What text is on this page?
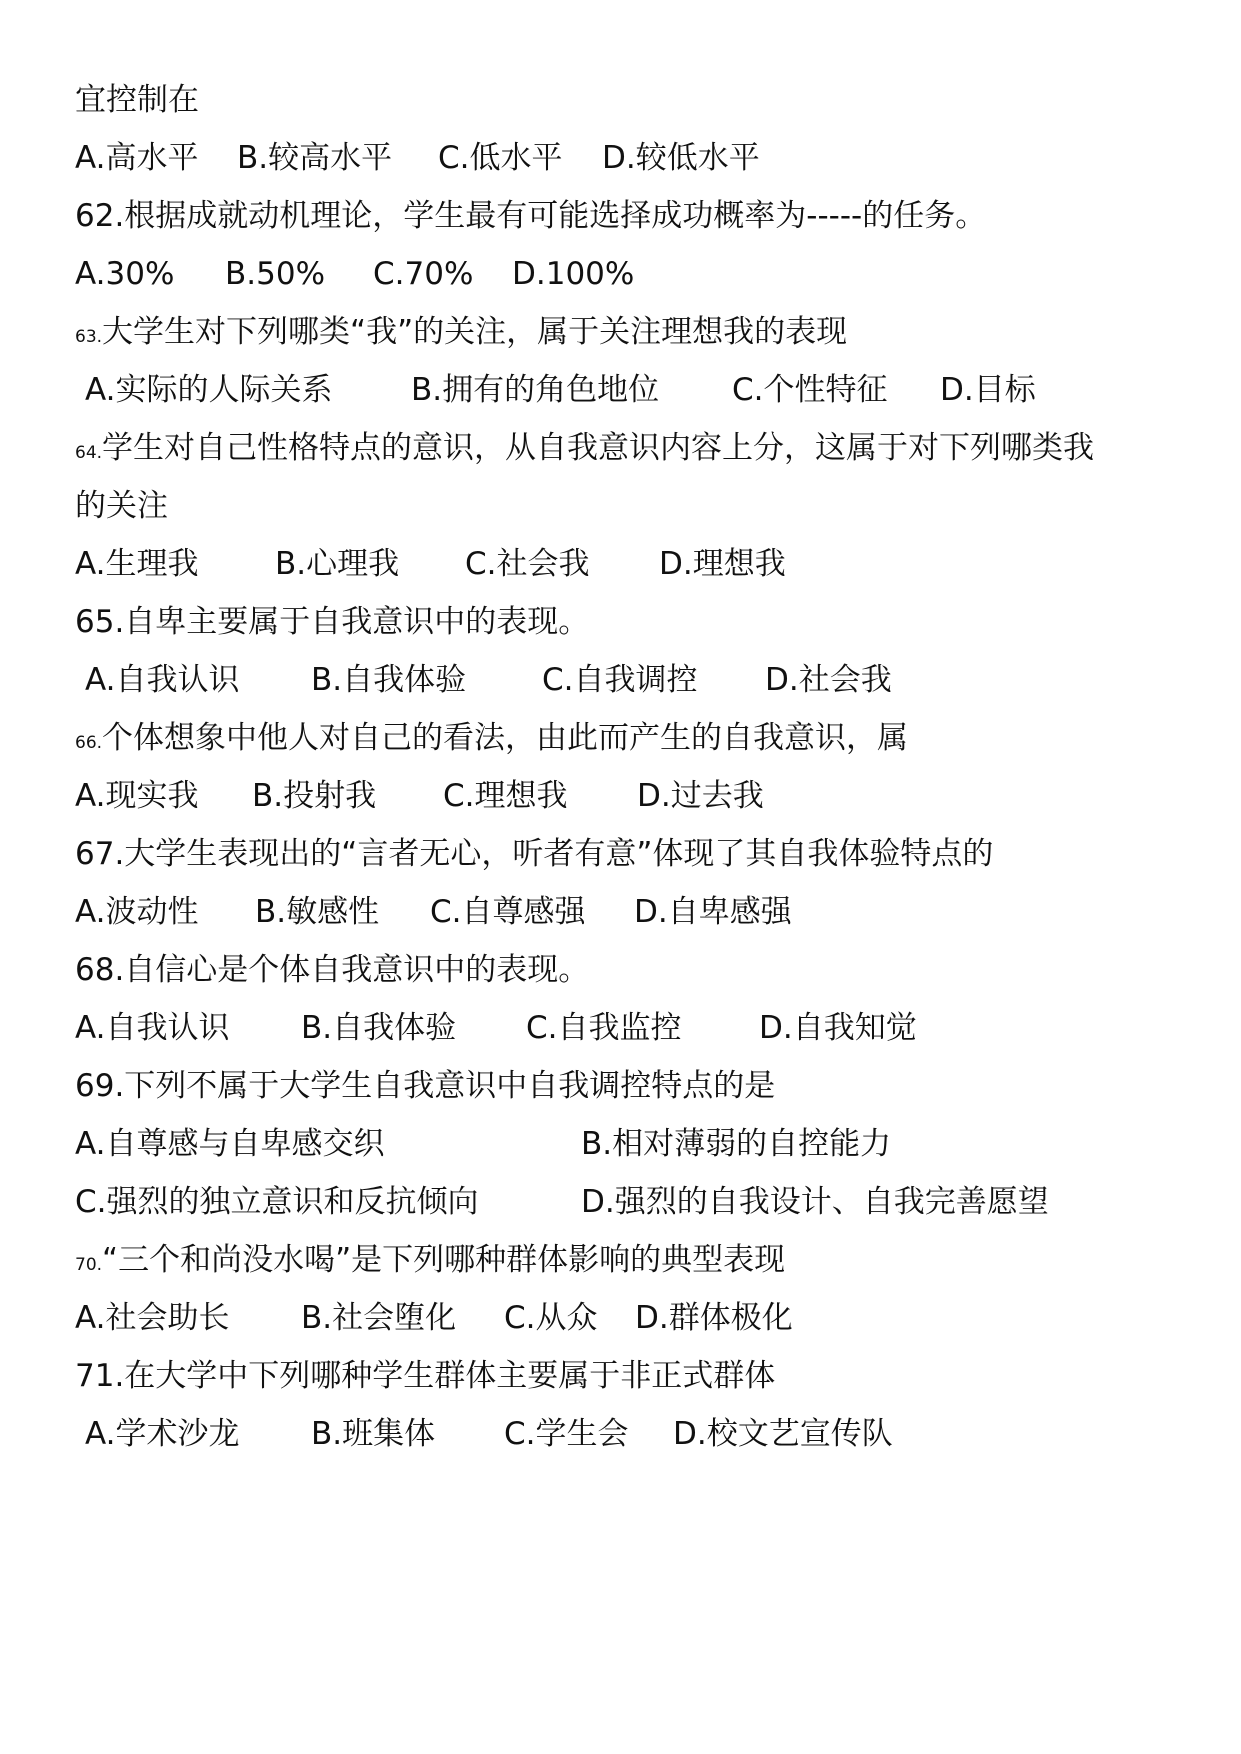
宜控制在
A.高水平 B.较高水平 C.低水平 D.较低水平
62.根据成就动机理论，学生最有可能选择成功概率为-----的任务。
A.30% B.50% C.70% D.100%
63.大学生对下列哪类“我”的关注，属于关注理想我的表现
A.实际的人际关系	B.拥有的角色地位 C.个性特征 D.目标
64.学生对自己性格特点的意识，从自我意识内容上分，这属于对下列哪类我
的关注
A.生理我 B.心理我 C.社会我 D.理想我
65.自卑主要属于自我意识中的表现。
A.自我认识 B.自我体验 C.自我调控 D.社会我
66.个体想象中他人对自己的看法，由此而产生的自我意识，属
A.现实我 B.投射我 C.理想我 D.过去我
67.大学生表现出的“言者无心，听者有意”体现了其自我体验特点的
A.波动性 B.敏感性 C.自尊感强 D.自卑感强
68.自信心是个体自我意识中的表现。
A.自我认识 B.自我体验 C.自我监控	D.自我知觉
69.下列不属于大学生自我意识中自我调控特点的是
A.自尊感与自卑感交织	B.相对薄弱的自控能力
C.强烈的独立意识和反抗倾向	D.强烈的自我设计、自我完善愿望
70.“三个和尚没水喝”是下列哪种群体影响的典型表现
A.社会助长 B.社会堕化 C.从众 D.群体极化
71.在大学中下列哪种学生群体主要属于非正式群体
A.学术沙龙 B.班集体 C.学生会 D.校文艺宣传队
